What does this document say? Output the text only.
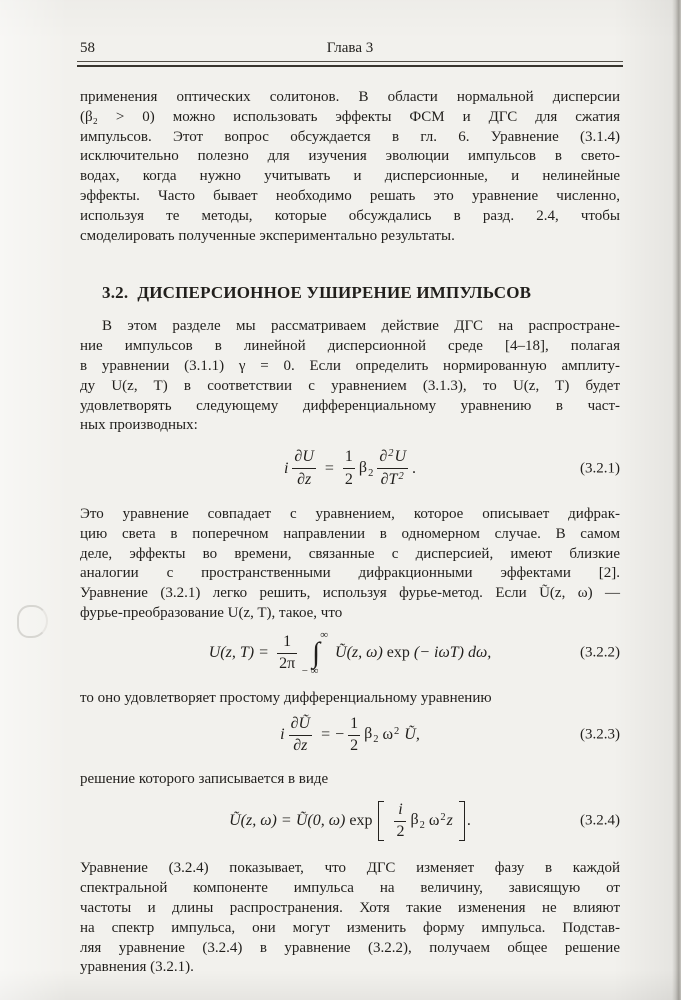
58	Глава 3
применения оптических солитонов. В области нормальной дисперсии
(β₂ > 0) можно использовать эффекты ФСМ и ДГС для сжатия
импульсов. Этот вопрос обсуждается в гл. 6. Уравнение (3.1.4)
исключительно полезно для изучения эволюции импульсов в свето-
водах, когда нужно учитывать и дисперсионные, и нелинейные
эффекты. Часто бывает необходимо решать это уравнение численно,
используя те методы, которые обсуждались в разд. 2.4, чтобы
смоделировать полученные экспериментально результаты.
3.2. ДИСПЕРСИОННОЕ УШИРЕНИЕ ИМПУЛЬСОВ
В этом разделе мы рассматриваем действие ДГС на распростране-
ние импульсов в линейной дисперсионной среде [4–18], полагая
в уравнении (3.1.1) γ = 0. Если определить нормированную амплиту-
ду U(z, T) в соответствии с уравнением (3.1.3), то U(z, T) будет
удовлетворять следующему дифференциальному уравнению в част-
ных производных:
i $\frac{\partial U}{\partial z} = \frac{1}{2} \beta_2 \frac{\partial^2U}{\partial T^2}$ .	(3.2.1)
Это уравнение совпадает с уравнением, которое описывает дифрак-
цию света в поперечном направлении в одномерном случае. В самом
деле, эффекты во времени, связанные с дисперсией, имеют близкие
аналогии с пространственными дифракционными эффектами [2].
Уравнение (3.2.1) легко решить, используя фурье-метод. Если Ũ(z, ω) —
фурье-преобразование U(z, T), такое, что
U(z, $T) = \frac{1}{2\pi}$ ∞
∫
− ∞
Ũ(z, ω) exp (− iωT) dω,	(3.2.2)
то оно удовлетворяет простому дифференциальному уравнению
i $\frac{\partial Ũ}{\partial z}$ = − $\frac{1}{2} \beta_2$ $\omega^2$ Ũ,	(3.2.3)
решение которого записывается в виде
Ũ(z, ω) = Ũ(0, ω) $\exp \frac{i}{2} \beta_2$ $\omega^2$ z .	(3.2.4)
Уравнение (3.2.4) показывает, что ДГС изменяет фазу в каждой
спектральной компоненте импульса на величину, зависящую от
частоты и длины распространения. Хотя такие изменения не влияют
на спектр импульса, они могут изменить форму импульса. Подстав-
ляя уравнение (3.2.4) в уравнение (3.2.2), получаем общее решение
уравнения (3.2.1).
